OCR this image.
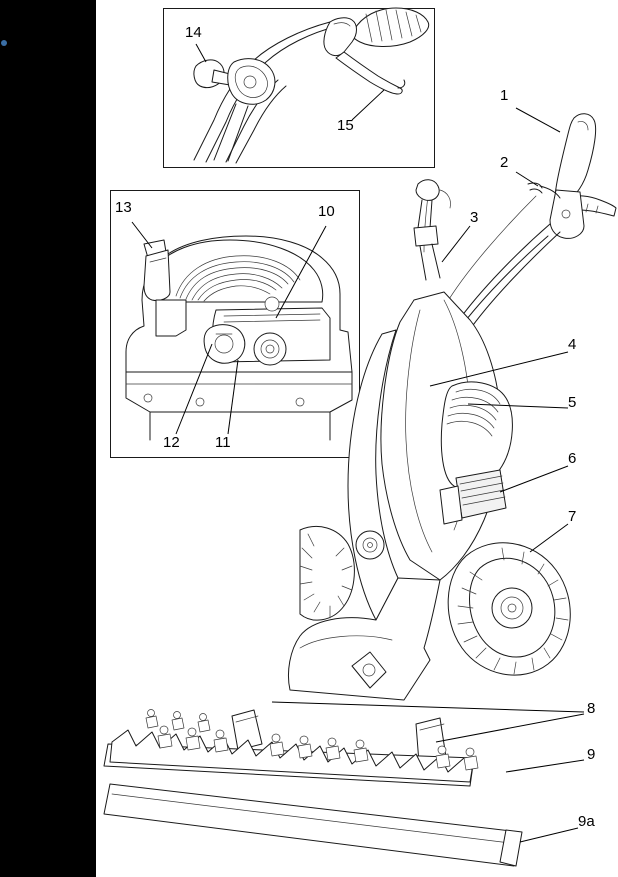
1
2
3
4
5
6
7
8
9
9a
10
11
12
13
14
15
